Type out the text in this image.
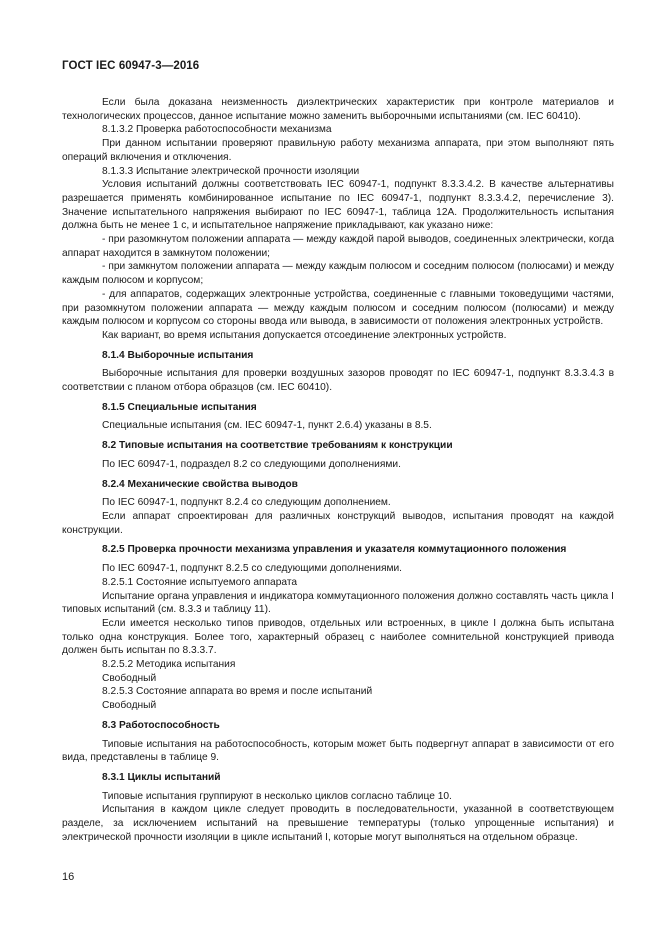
ГОСТ IEC 60947-3—2016

Если была доказана неизменность диэлектрических характеристик при контроле материалов и технологических процессов, данное испытание можно заменить выборочными испытаниями (см. IEC 60410).

8.1.3.2 Проверка работоспособности механизма

При данном испытании проверяют правильную работу механизма аппарата, при этом выполняют пять операций включения и отключения.

8.1.3.3 Испытание электрической прочности изоляции

Условия испытаний должны соответствовать IEC 60947-1, подпункт 8.3.3.4.2. В качестве альтернативы разрешается применять комбинированное испытание по IEC 60947-1, подпункт 8.3.3.4.2, перечисление 3). Значение испытательного напряжения выбирают по IEC 60947-1, таблица 12А. Продолжительность испытания должна быть не менее 1 с, и испытательное напряжение прикладывают, как указано ниже:

- при разомкнутом положении аппарата — между каждой парой выводов, соединенных электрически, когда аппарат находится в замкнутом положении;

- при замкнутом положении аппарата — между каждым полюсом и соседним полюсом (полюсами) и между каждым полюсом и корпусом;

- для аппаратов, содержащих электронные устройства, соединенные с главными токоведущими частями, при разомкнутом положении аппарата — между каждым полюсом и соседним полюсом (полюсами) и между каждым полюсом и корпусом со стороны ввода или вывода, в зависимости от положения электронных устройств.

Как вариант, во время испытания допускается отсоединение электронных устройств.

8.1.4 Выборочные испытания

Выборочные испытания для проверки воздушных зазоров проводят по IEC 60947-1, подпункт 8.3.3.4.3 в соответствии с планом отбора образцов (см. IEC 60410).

8.1.5 Специальные испытания

Специальные испытания (см. IEC 60947-1, пункт 2.6.4) указаны в 8.5.

8.2 Типовые испытания на соответствие требованиям к конструкции

По IEC 60947-1, подраздел 8.2 со следующими дополнениями.

8.2.4 Механические свойства выводов

По IEC 60947-1, подпункт 8.2.4 со следующим дополнением.

Если аппарат спроектирован для различных конструкций выводов, испытания проводят на каждой конструкции.

8.2.5 Проверка прочности механизма управления и указателя коммутационного положения

По IEC 60947-1, подпункт 8.2.5 со следующими дополнениями.

8.2.5.1 Состояние испытуемого аппарата

Испытание органа управления и индикатора коммутационного положения должно составлять часть цикла I типовых испытаний (см. 8.3.3 и таблицу 11).

Если имеется несколько типов приводов, отдельных или встроенных, в цикле I должна быть испытана только одна конструкция. Более того, характерный образец с наиболее сомнительной конструкцией привода должен быть испытан по 8.3.3.7.

8.2.5.2 Методика испытания

Свободный

8.2.5.3 Состояние аппарата во время и после испытаний

Свободный

8.3 Работоспособность

Типовые испытания на работоспособность, которым может быть подвергнут аппарат в зависимости от его вида, представлены в таблице 9.

8.3.1 Циклы испытаний

Типовые испытания группируют в несколько циклов согласно таблице 10.

Испытания в каждом цикле следует проводить в последовательности, указанной в соответствующем разделе, за исключением испытаний на превышение температуры (только упрощенные испытания) и электрической прочности изоляции в цикле испытаний I, которые могут выполняться на отдельном образце.

16
